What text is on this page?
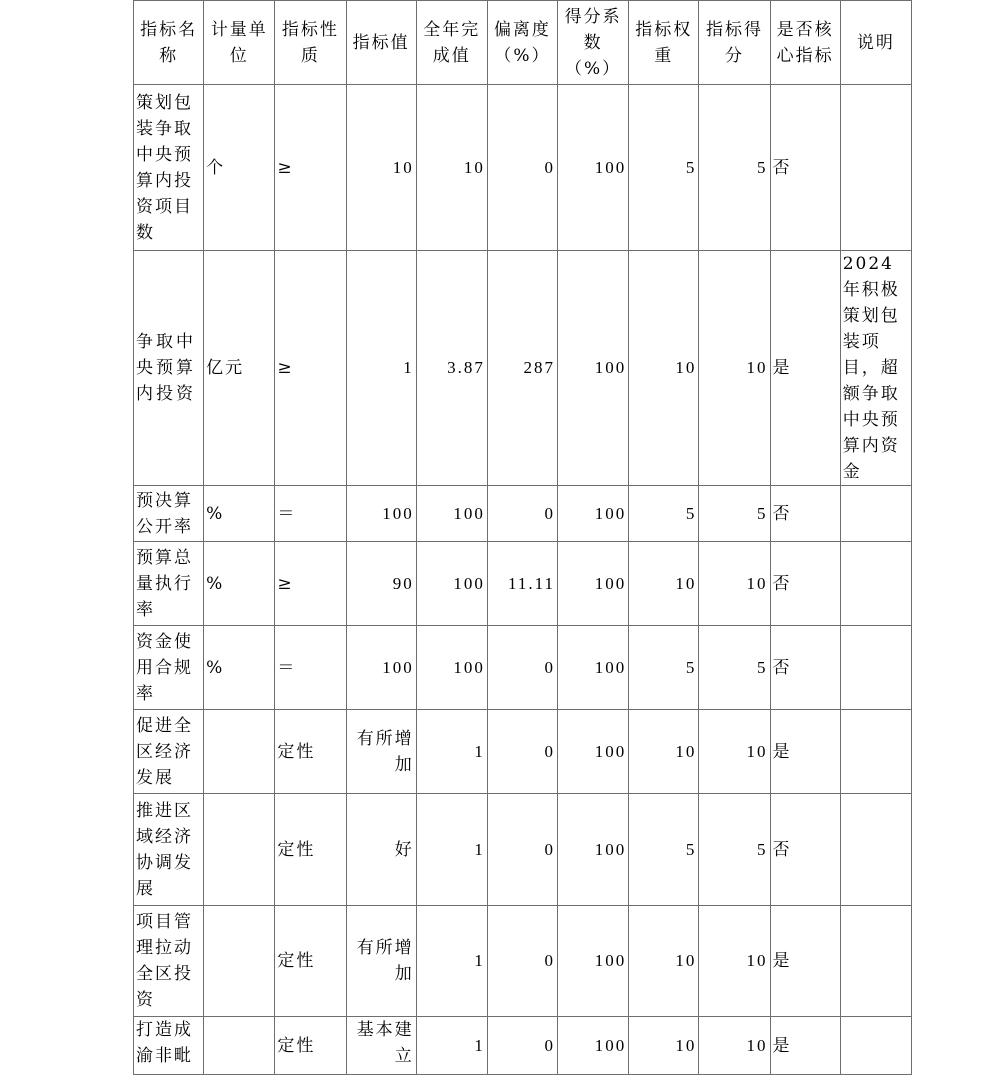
指标名称	计量单位	指标性质	指标值	全年完成值	偏离度（%）	得分系数（%）	指标权重	指标得分	是否核心指标	说明
策划包装争取中央预算内投资项目数	个	≥	10	10	0	100	5	5	否	
争取中央预算内投资	亿元	≥	1	3.87	287	100	10	10	是	2024年积极策划包装项目，超额争取中央预算内资金
预决算公开率	%	＝	100	100	0	100	5	5	否	
预算总量执行率	%	≥	90	100	11.11	100	10	10	否	
资金使用合规率	%	＝	100	100	0	100	5	5	否	
促进全区经济发展		定性	有所增加	1	0	100	10	10	是	
推进区域经济协调发展		定性	好	1	0	100	5	5	否	
项目管理拉动全区投资		定性	有所增加	1	0	100	10	10	是	
打造成渝非毗		定性	基本建立	1	0	100	10	10	是	
